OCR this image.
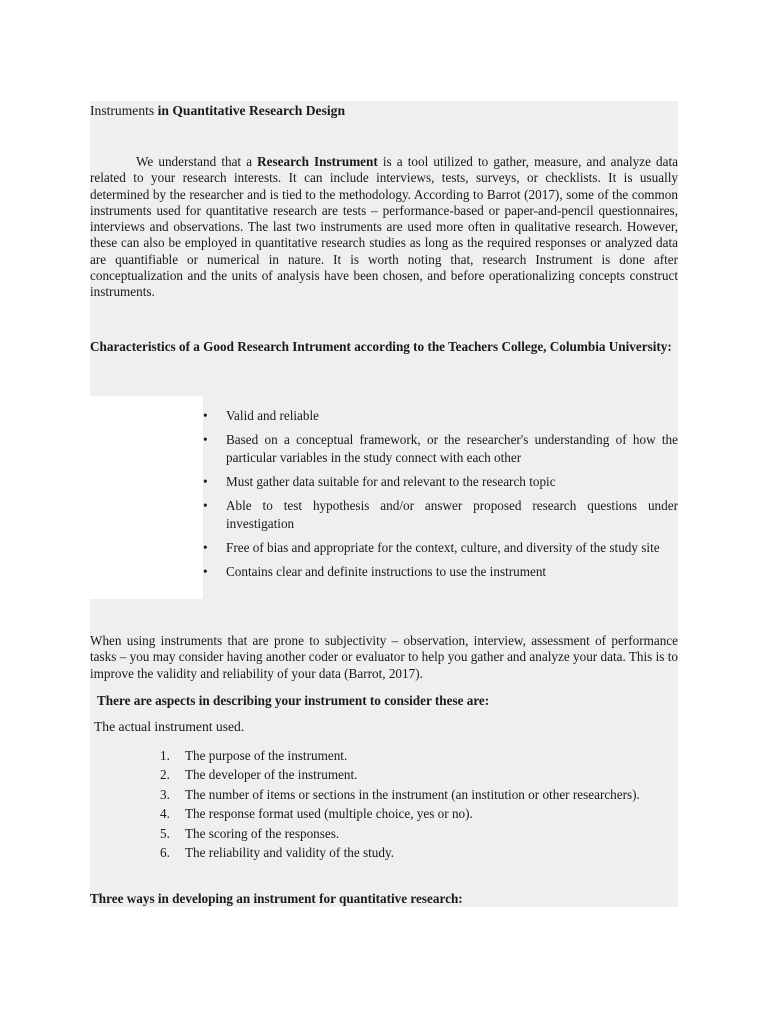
Instruments in Quantitative Research Design
We understand that a Research Instrument is a tool utilized to gather, measure, and analyze data related to your research interests. It can include interviews, tests, surveys, or checklists. It is usually determined by the researcher and is tied to the methodology. According to Barrot (2017), some of the common instruments used for quantitative research are tests – performance-based or paper-and-pencil questionnaires, interviews and observations. The last two instruments are used more often in qualitative research. However, these can also be employed in quantitative research studies as long as the required responses or analyzed data are quantifiable or numerical in nature. It is worth noting that, research Instrument is done after conceptualization and the units of analysis have been chosen, and before operationalizing concepts construct instruments.
Characteristics of a Good Research Intrument according to the Teachers College, Columbia University:
• Valid and reliable
• Based on a conceptual framework, or the researcher's understanding of how the particular variables in the study connect with each other
• Must gather data suitable for and relevant to the research topic
• Able to test hypothesis and/or answer proposed research questions under investigation
• Free of bias and appropriate for the context, culture, and diversity of the study site
• Contains clear and definite instructions to use the instrument
When using instruments that are prone to subjectivity – observation, interview, assessment of performance tasks – you may consider having another coder or evaluator to help you gather and analyze your data. This is to improve the validity and reliability of your data (Barrot, 2017).
There are aspects in describing your instrument to consider these are:
The actual instrument used.
1. The purpose of the instrument.
2. The developer of the instrument.
3. The number of items or sections in the instrument (an institution or other researchers).
4. The response format used (multiple choice, yes or no).
5. The scoring of the responses.
6. The reliability and validity of the study.
Three ways in developing an instrument for quantitative research:
